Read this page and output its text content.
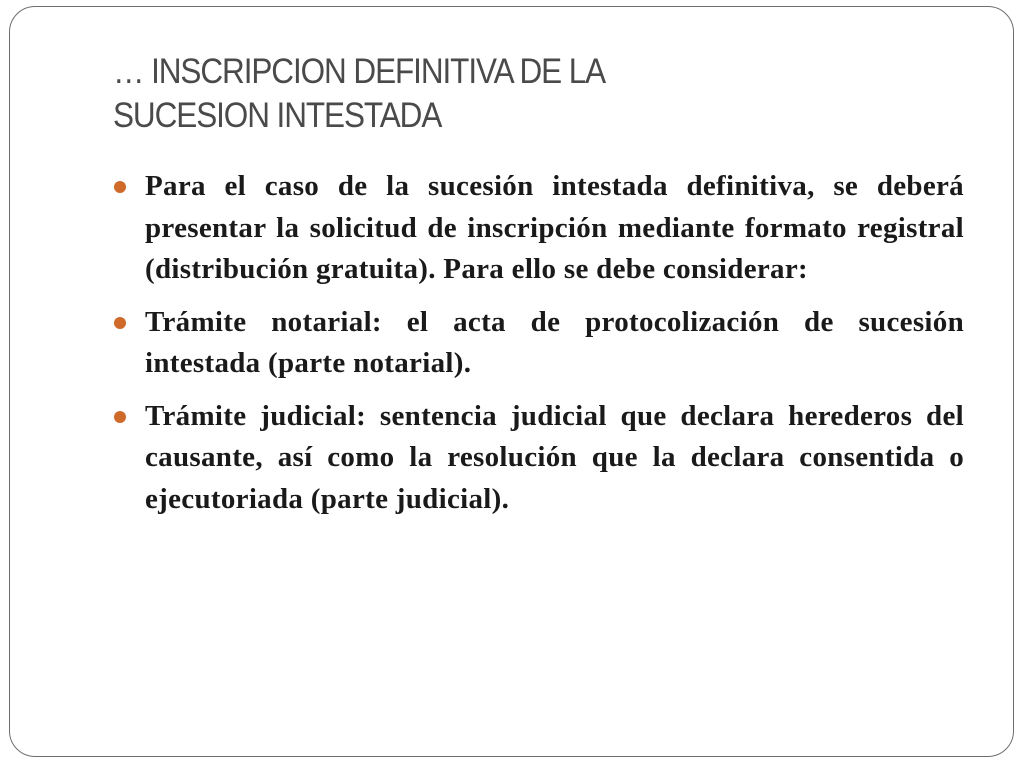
… INSCRIPCION DEFINITIVA DE LA
SUCESION INTESTADA
Para el caso de la sucesión intestada definitiva, se deberá presentar la solicitud de inscripción mediante formato registral (distribución gratuita). Para ello se debe considerar:
Trámite notarial: el acta de protocolización de sucesión intestada (parte notarial).
Trámite judicial: sentencia judicial que declara herederos del causante, así como la resolución que la declara consentida o ejecutoriada (parte judicial).
